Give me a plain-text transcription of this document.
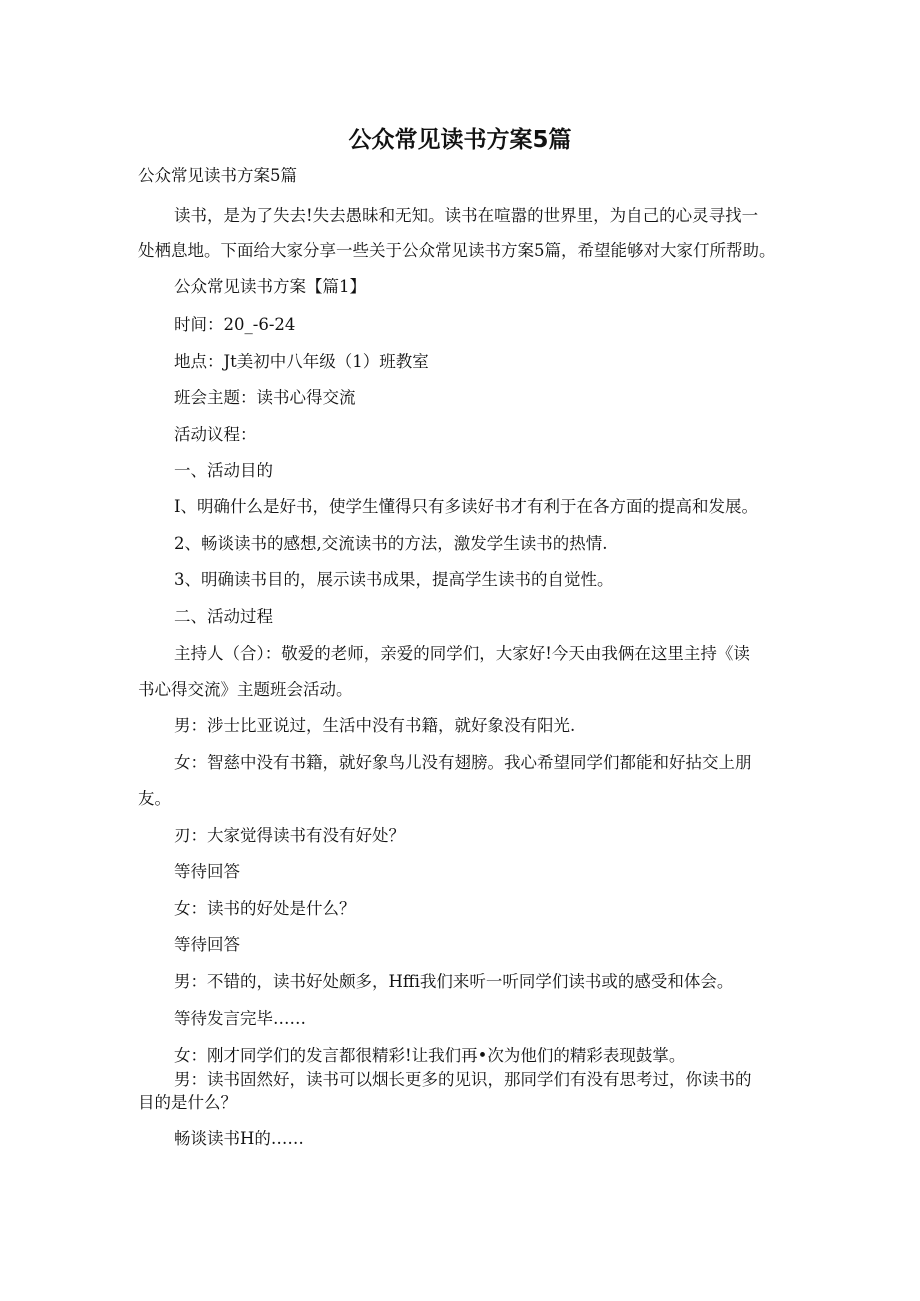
公众常见读书方案5篇
公众常见读书方案5篇
读书，是为了失去!失去愚昧和无知。读书在喧嚣的世界里，为自己的心灵寻找一
处栖息地。下面给大家分享一些关于公众常见读书方案5篇，希望能够对大家仃所帮助。
公众常见读书方案【篇1】
时间：20_-6-24
地点：Jt美初中八年级（1）班教室
班会主题：读书心得交流
活动议程：
一、活动目的
I、明确什么是好书，使学生懂得只有多读好书才有利于在各方面的提高和发展。
2、畅谈读书的感想,交流读书的方法，激发学生读书的热情.
3、明确读书目的，展示读书成果，提高学生读书的自觉性。
二、活动过程
主持人（合）：敬爱的老师，亲爱的同学们，大家好!今天由我俩在这里主持《读
书心得交流》主题班会活动。
男：涉士比亚说过，生活中没有书籍，就好象没有阳光.
女：智慈中没有书籍，就好象鸟儿没有翅膀。我心希望同学们都能和好拈交上朋
友。
刃：大家觉得读书有没有好处？
等待回答
女：读书的好处是什么？
等待回答
男：不错的，读书好处颇多，Hffi我们来听一听同学们读书或的感受和体会。
等待发言完毕……
女：刚才同学们的发言都很精彩!让我们再•次为他们的精彩表现鼓掌。
男：读书固然好，读书可以烟长更多的见识，那同学们有没有思考过，你读书的
目的是什么？
畅谈读书H的……
